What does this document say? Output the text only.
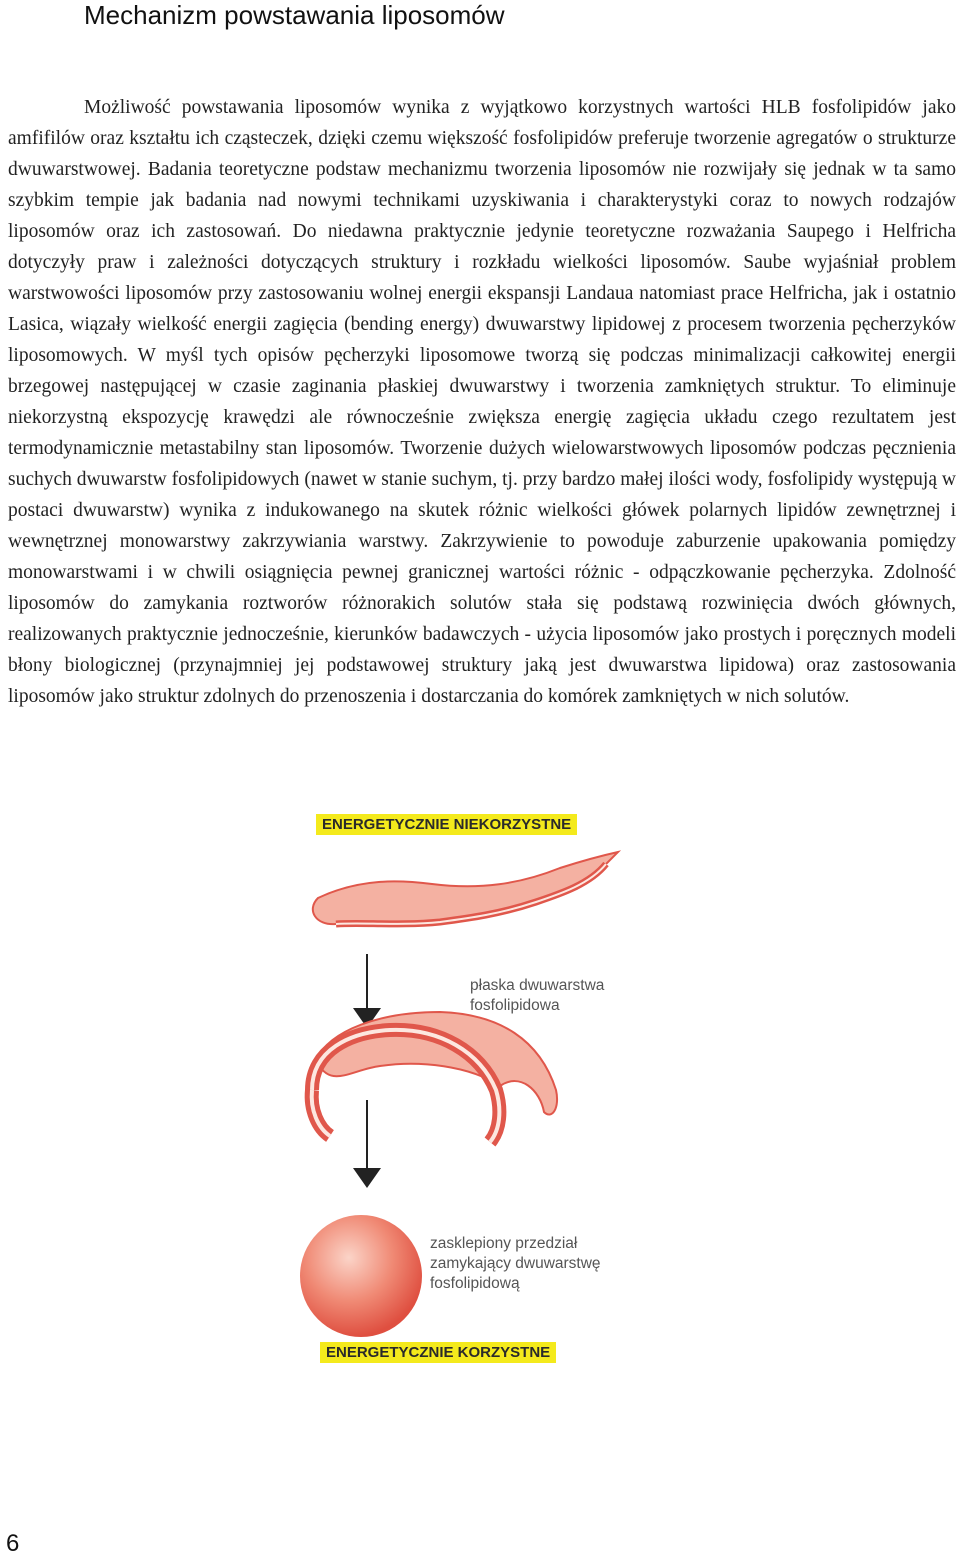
Mechanizm powstawania liposomów

Możliwość powstawania liposomów wynika z wyjątkowo korzystnych wartości HLB fosfolipidów jako amfifilów oraz kształtu ich cząsteczek, dzięki czemu większość fosfolipidów preferuje tworzenie agregatów o strukturze dwuwarstwowej. Badania teoretyczne podstaw mechanizmu tworzenia liposomów nie rozwijały się jednak w ta samo szybkim tempie jak badania nad nowymi technikami uzyskiwania i charakterystyki coraz to nowych rodzajów liposomów oraz ich zastosowań. Do niedawna praktycznie jedynie teoretyczne rozważania Saupego i Helfricha dotyczyły praw i zależności dotyczących struktury i rozkładu wielkości liposomów. Saube wyjaśniał problem warstwowości liposomów przy zastosowaniu wolnej energii ekspansji Landaua natomiast prace Helfricha, jak i ostatnio Lasica, wiązały wielkość energii zagięcia (bending energy) dwuwarstwy lipidowej z procesem tworzenia pęcherzyków liposomowych. W myśl tych opisów pęcherzyki liposomowe tworzą się podczas minimalizacji całkowitej energii brzegowej następującej w czasie zaginania płaskiej dwuwarstwy i tworzenia zamkniętych struktur. To eliminuje niekorzystną ekspozycję krawędzi ale równocześnie zwiększa energię zagięcia układu czego rezultatem jest termodynamicznie metastabilny stan liposomów. Tworzenie dużych wielowarstwowych liposomów podczas pęcznienia suchych dwuwarstw fosfolipidowych (nawet w stanie suchym, tj. przy bardzo małej ilości wody, fosfolipidy występują w postaci dwuwarstw) wynika z indukowanego na skutek różnic wielkości główek polarnych lipidów zewnętrznej i wewnętrznej monowarstwy zakrzywiania warstwy. Zakrzywienie to powoduje zaburzenie upakowania pomiędzy monowarstwami i w chwili osiągnięcia pewnej granicznej wartości różnic - odpączkowanie pęcherzyka. Zdolność liposomów do zamykania roztworów różnorakich solutów stała się podstawą rozwinięcia dwóch głównych, realizowanych praktycznie jednocześnie, kierunków badawczych - użycia liposomów jako prostych i poręcznych modeli błony biologicznej (przynajmniej jej podstawowej struktury jaką jest dwuwarstwa lipidowa) oraz zastosowania liposomów jako struktur zdolnych do przenoszenia i dostarczania do komórek zamkniętych w nich solutów.

ENERGETYCZNIE NIEKORZYSTNE
płaska dwuwarstwa
fosfolipidowa
zasklepiony przedział
zamykający dwuwarstwę
fosfolipidową
ENERGETYCZNIE KORZYSTNE
6
